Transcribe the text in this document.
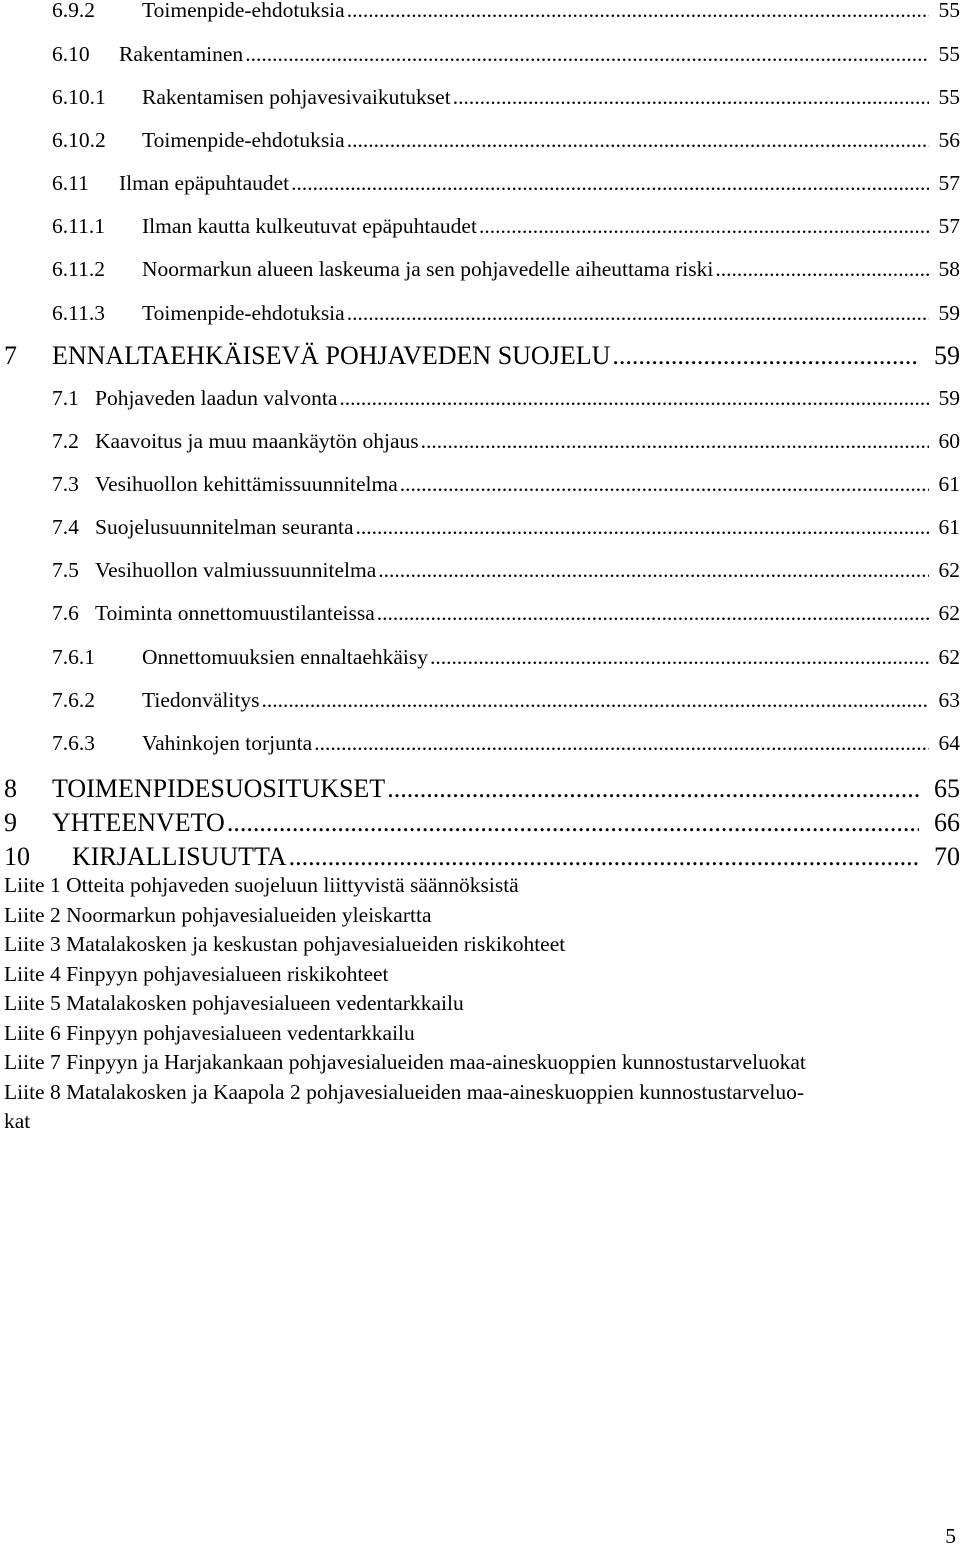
6.9.2 Toimenpide-ehdotuksia .....	55
6.10 Rakentaminen .....	55
6.10.1 Rakentamisen pohjavesivaikutukset .....	55
6.10.2 Toimenpide-ehdotuksia .....	56
6.11 Ilman epäpuhtaudet .....	57
6.11.1 Ilman kautta kulkeutuvat epäpuhtaudet .....	57
6.11.2 Noormarkun alueen laskeuma ja sen pohjavedelle aiheuttama riski .....	58
6.11.3 Toimenpide-ehdotuksia .....	59
7 ENNALTAEHKÄISEVÄ POHJAVEDEN SUOJELU .....	59
7.1 Pohjaveden laadun valvonta .....	59
7.2 Kaavoitus ja muu maankäytön ohjaus .....	60
7.3 Vesihuollon kehittämissuunnitelma .....	61
7.4 Suojelusuunnitelman seuranta .....	61
7.5 Vesihuollon valmiussuunnitelma .....	62
7.6 Toiminta onnettomuustilanteissa .....	62
7.6.1 Onnettomuuksien ennaltaehkäisy .....	62
7.6.2 Tiedonvälitys .....	63
7.6.3 Vahinkojen torjunta .....	64
8 TOIMENPIDESUOSITUKSET .....	65
9 YHTEENVETO .....	66
10 KIRJALLISUUTTA .....	70
Liite 1 Otteita pohjaveden suojeluun liittyvistä säännöksistä
Liite 2 Noormarkun pohjavesialueiden yleiskartta
Liite 3 Matalakosken ja keskustan pohjavesialueiden riskikohteet
Liite 4 Finpyyn pohjavesialueen riskikohteet
Liite 5 Matalakosken pohjavesialueen vedentarkkailu
Liite 6 Finpyyn pohjavesialueen vedentarkkailu
Liite 7 Finpyyn ja Harjakankaan pohjavesialueiden maa-aineskuoppien kunnostustarveluokat
Liite 8 Matalakosken ja Kaapola 2 pohjavesialueiden maa-aineskuoppien kunnostustarveluo-
kat
5
